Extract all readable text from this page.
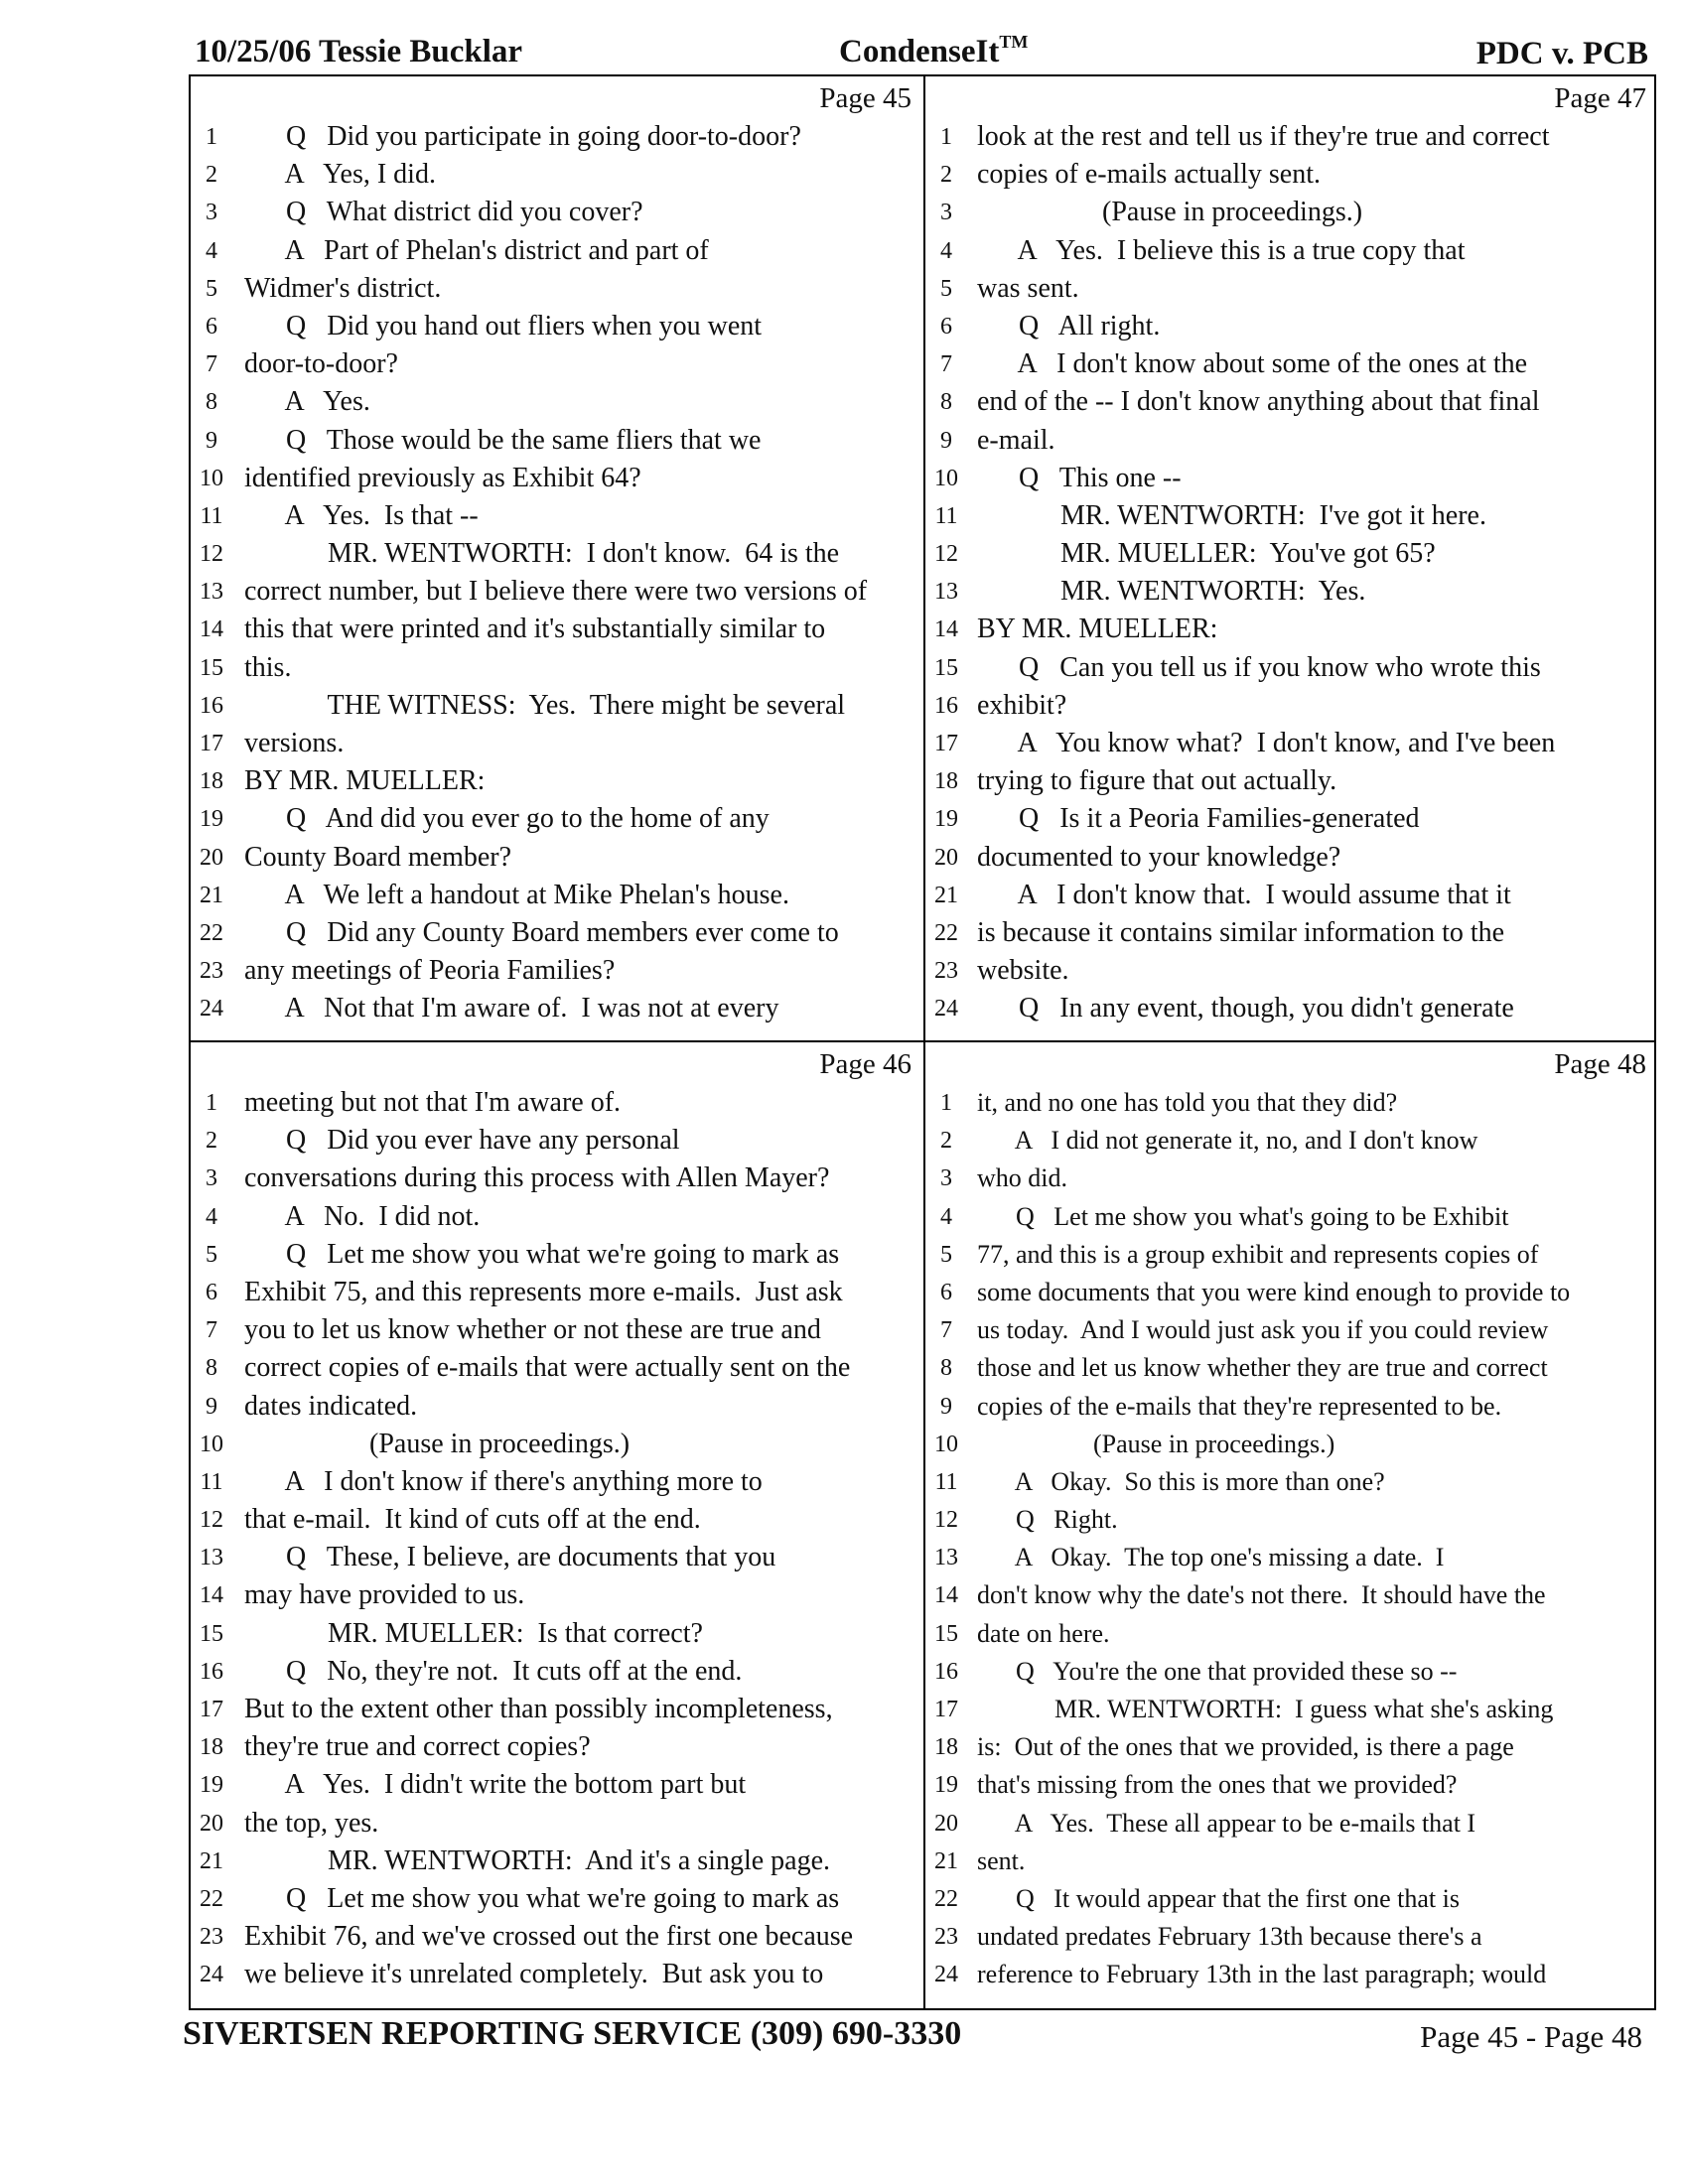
10/25/06 Tessie Bucklar	CondenseIt™	PDC v. PCB
Page 45
1 Q   Did you participate in going door-to-door?
2 A   Yes, I did.
3 Q   What district did you cover?
4 A   Part of Phelan's district and part of
5 Widmer's district.
6 Q   Did you hand out fliers when you went
7 door-to-door?
8 A   Yes.
9 Q   Those would be the same fliers that we
10 identified previously as Exhibit 64?
11 A   Yes.  Is that --
12 MR. WENTWORTH:  I don't know.  64 is the
13 correct number, but I believe there were two versions of
14 this that were printed and it's substantially similar to
15 this.
16 THE WITNESS:  Yes.  There might be several
17 versions.
18 BY MR. MUELLER:
19 Q   And did you ever go to the home of any
20 County Board member?
21 A   We left a handout at Mike Phelan's house.
22 Q   Did any County Board members ever come to
23 any meetings of Peoria Families?
24 A   Not that I'm aware of.  I was not at every
Page 47
1 look at the rest and tell us if they're true and correct
2 copies of e-mails actually sent.
3 (Pause in proceedings.)
4 A   Yes.  I believe this is a true copy that
5 was sent.
6 Q   All right.
7 A   I don't know about some of the ones at the
8 end of the -- I don't know anything about that final
9 e-mail.
10 Q   This one --
11 MR. WENTWORTH:  I've got it here.
12 MR. MUELLER:  You've got 65?
13 MR. WENTWORTH:  Yes.
14 BY MR. MUELLER:
15 Q   Can you tell us if you know who wrote this
16 exhibit?
17 A   You know what?  I don't know, and I've been
18 trying to figure that out actually.
19 Q   Is it a Peoria Families-generated
20 documented to your knowledge?
21 A   I don't know that.  I would assume that it
22 is because it contains similar information to the
23 website.
24 Q   In any event, though, you didn't generate
Page 46
1 meeting but not that I'm aware of.
2 Q   Did you ever have any personal
3 conversations during this process with Allen Mayer?
4 A   No.  I did not.
5 Q   Let me show you what we're going to mark as
6 Exhibit 75, and this represents more e-mails.  Just ask
7 you to let us know whether or not these are true and
8 correct copies of e-mails that were actually sent on the
9 dates indicated.
10 (Pause in proceedings.)
11 A   I don't know if there's anything more to
12 that e-mail.  It kind of cuts off at the end.
13 Q   These, I believe, are documents that you
14 may have provided to us.
15 MR. MUELLER:  Is that correct?
16 Q   No, they're not.  It cuts off at the end.
17 But to the extent other than possibly incompleteness,
18 they're true and correct copies?
19 A   Yes.  I didn't write the bottom part but
20 the top, yes.
21 MR. WENTWORTH:  And it's a single page.
22 Q   Let me show you what we're going to mark as
23 Exhibit 76, and we've crossed out the first one because
24 we believe it's unrelated completely.  But ask you to
Page 48
1 it, and no one has told you that they did?
2 A   I did not generate it, no, and I don't know
3 who did.
4 Q   Let me show you what's going to be Exhibit
5 77, and this is a group exhibit and represents copies of
6 some documents that you were kind enough to provide to
7 us today.  And I would just ask you if you could review
8 those and let us know whether they are true and correct
9 copies of the e-mails that they're represented to be.
10 (Pause in proceedings.)
11 A   Okay.  So this is more than one?
12 Q   Right.
13 A   Okay.  The top one's missing a date.  I
14 don't know why the date's not there.  It should have the
15 date on here.
16 Q   You're the one that provided these so --
17 MR. WENTWORTH:  I guess what she's asking
18 is:  Out of the ones that we provided, is there a page
19 that's missing from the ones that we provided?
20 A   Yes.  These all appear to be e-mails that I
21 sent.
22 Q   It would appear that the first one that is
23 undated predates February 13th because there's a
24 reference to February 13th in the last paragraph; would
SIVERTSEN REPORTING SERVICE (309) 690-3330	Page 45 - Page 48
